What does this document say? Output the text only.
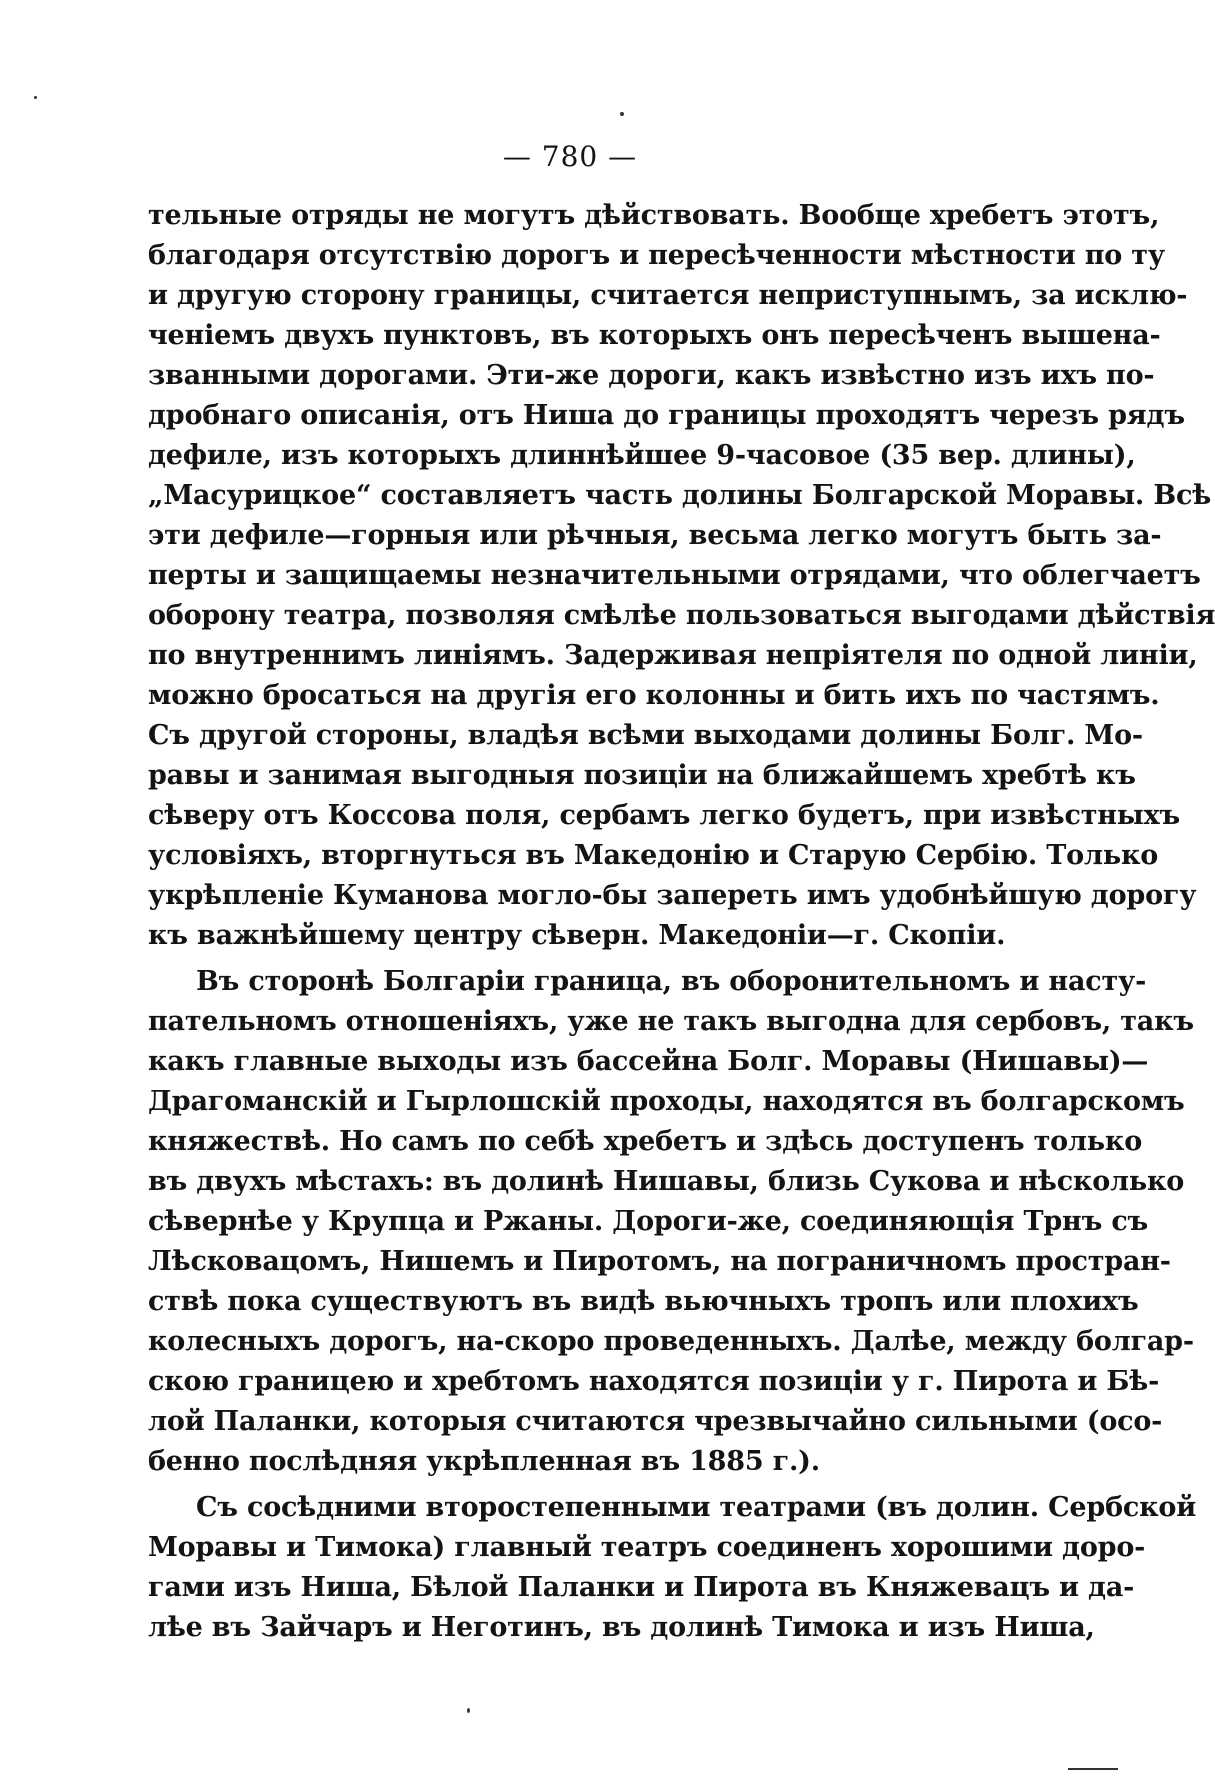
— 780 —
тельные отряды не могутъ дѣйствовать. Вообще хребетъ этотъ,
благодаря отсутствію дорогъ и пересѣченности мѣстности по ту
и другую сторону границы, считается неприступнымъ, за исклю-
ченіемъ двухъ пунктовъ, въ которыхъ онъ пересѣченъ вышена-
званными дорогами. Эти-же дороги, какъ извѣстно изъ ихъ по-
дробнаго описанія, отъ Ниша до границы проходятъ черезъ рядъ
дефиле, изъ которыхъ длиннѣйшее 9-часовое (35 вер. длины),
„Масурицкое“ составляетъ часть долины Болгарской Моравы. Всѣ
эти дефиле—горныя или рѣчныя, весьма легко могутъ быть за-
перты и защищаемы незначительными отрядами, что облегчаетъ
оборону театра, позволяя смѣлѣе пользоваться выгодами дѣйствія
по внутреннимъ линіямъ. Задерживая непріятеля по одной линіи,
можно бросаться на другія его колонны и бить ихъ по частямъ.
Съ другой стороны, владѣя всѣми выходами долины Болг. Мо-
равы и занимая выгодныя позиціи на ближайшемъ хребтѣ къ
сѣверу отъ Коссова поля, сербамъ легко будетъ, при извѣстныхъ
условіяхъ, вторгнуться въ Македонію и Старую Сербію. Только
укрѣпленіе Куманова могло-бы запереть имъ удобнѣйшую дорогу
къ важнѣйшему центру сѣверн. Македоніи—г. Скопіи.
Въ сторонѣ Болгаріи граница, въ оборонительномъ и насту-
пательномъ отношеніяхъ, уже не такъ выгодна для сербовъ, такъ
какъ главные выходы изъ бассейна Болг. Моравы (Нишавы)—
Драгоманскій и Гырлошскій проходы, находятся въ болгарскомъ
княжествѣ. Но самъ по себѣ хребетъ и здѣсь доступенъ только
въ двухъ мѣстахъ: въ долинѣ Нишавы, близь Сукова и нѣсколько
сѣвернѣе у Крупца и Ржаны. Дороги-же, соединяющія Трнъ съ
Лѣсковацомъ, Нишемъ и Пиротомъ, на пограничномъ простран-
ствѣ пока существуютъ въ видѣ вьючныхъ тропъ или плохихъ
колесныхъ дорогъ, на-скоро проведенныхъ. Далѣе, между болгар-
скою границею и хребтомъ находятся позиціи у г. Пирота и Бѣ-
лой Паланки, которыя считаются чрезвычайно сильными (осо-
бенно послѣдняя укрѣпленная въ 1885 г.).
Съ сосѣдними второстепенными театрами (въ долин. Сербской
Моравы и Тимока) главный театръ соединенъ хорошими доро-
гами изъ Ниша, Бѣлой Паланки и Пирота въ Княжевацъ и да-
лѣе въ Зайчаръ и Неготинъ, въ долинѣ Тимока и изъ Ниша,
